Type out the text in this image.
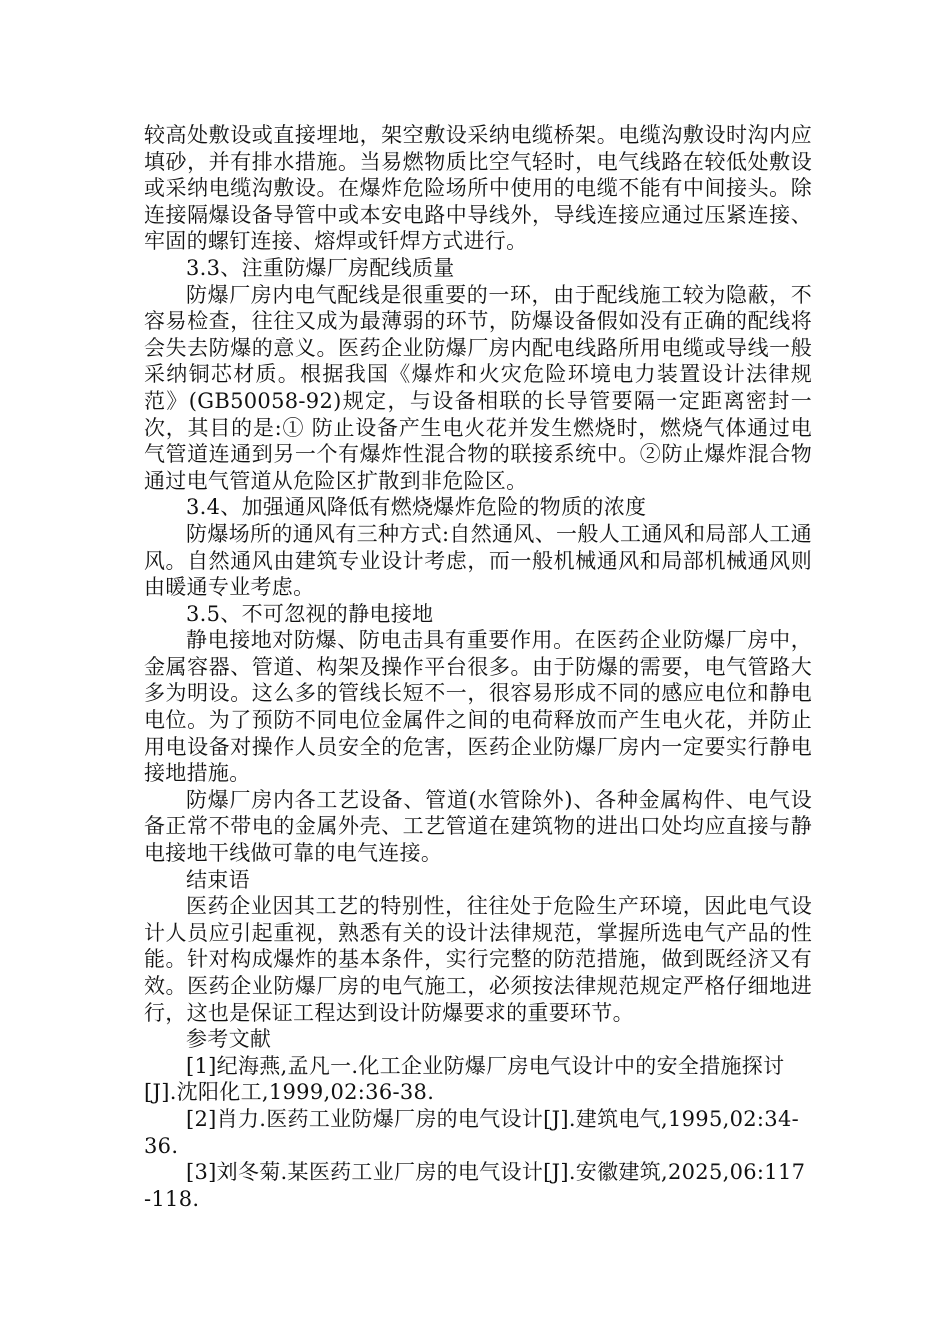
较高处敷设或直接埋地，架空敷设采纳电缆桥架。电缆沟敷设时沟内应填砂，并有排水措施。当易燃物质比空气轻时，电气线路在较低处敷设或采纳电缆沟敷设。在爆炸危险场所中使用的电缆不能有中间接头。除连接隔爆设备导管中或本安电路中导线外，导线连接应通过压紧连接、牢固的螺钉连接、熔焊或钎焊方式进行。

3.3、注重防爆厂房配线质量

防爆厂房内电气配线是很重要的一环，由于配线施工较为隐蔽，不容易检查，往往又成为最薄弱的环节，防爆设备假如没有正确的配线将会失去防爆的意义。医药企业防爆厂房内配电线路所用电缆或导线一般采纳铜芯材质。根据我国《爆炸和火灾危险环境电力装置设计法律规范》(GB50058-92)规定，与设备相联的长导管要隔一定距离密封一次，其目的是:① 防止设备产生电火花并发生燃烧时，燃烧气体通过电气管道连通到另一个有爆炸性混合物的联接系统中。②防止爆炸混合物通过电气管道从危险区扩散到非危险区。

3.4、加强通风降低有燃烧爆炸危险的物质的浓度

防爆场所的通风有三种方式:自然通风、一般人工通风和局部人工通风。自然通风由建筑专业设计考虑，而一般机械通风和局部机械通风则由暖通专业考虑。

3.5、不可忽视的静电接地

静电接地对防爆、防电击具有重要作用。在医药企业防爆厂房中，金属容器、管道、构架及操作平台很多。由于防爆的需要，电气管路大多为明设。这么多的管线长短不一，很容易形成不同的感应电位和静电电位。为了预防不同电位金属件之间的电荷释放而产生电火花，并防止用电设备对操作人员安全的危害，医药企业防爆厂房内一定要实行静电接地措施。

防爆厂房内各工艺设备、管道(水管除外)、各种金属构件、电气设备正常不带电的金属外壳、工艺管道在建筑物的进出口处均应直接与静电接地干线做可靠的电气连接。

结束语

医药企业因其工艺的特别性，往往处于危险生产环境，因此电气设计人员应引起重视，熟悉有关的设计法律规范，掌握所选电气产品的性能。针对构成爆炸的基本条件，实行完整的防范措施，做到既经济又有效。医药企业防爆厂房的电气施工，必须按法律规范规定严格仔细地进行，这也是保证工程达到设计防爆要求的重要环节。

参考文献

[1]纪海燕,孟凡一.化工企业防爆厂房电气设计中的安全措施探讨[J].沈阳化工,1999,02:36-38.

[2]肖力.医药工业防爆厂房的电气设计[J].建筑电气,1995,02:34-36.

[3]刘冬菊.某医药工业厂房的电气设计[J].安徽建筑,2025,06:117-118.
